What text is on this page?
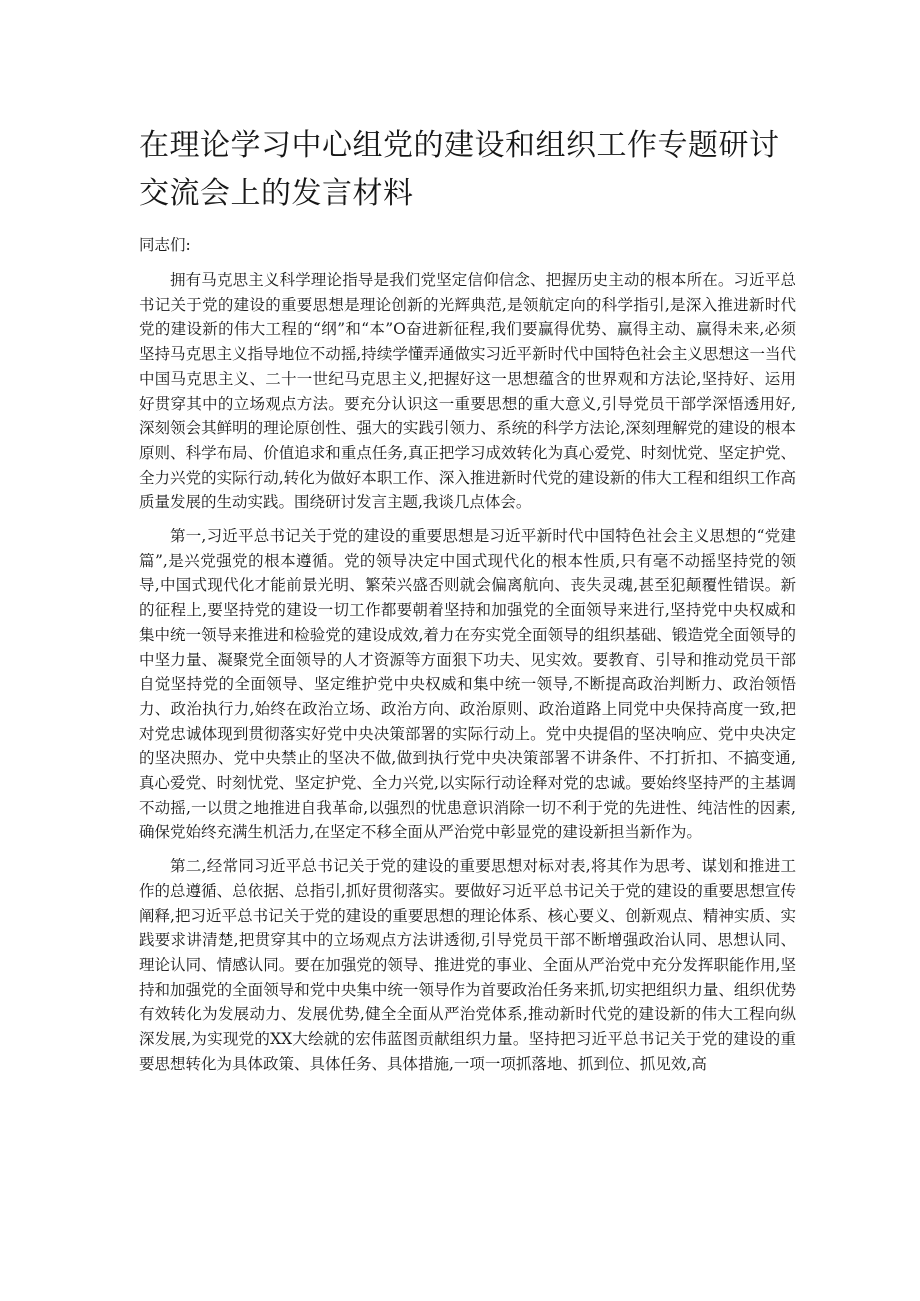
在理论学习中心组党的建设和组织工作专题研讨交流会上的发言材料

同志们:

拥有马克思主义科学理论指导是我们党坚定信仰信念、把握历史主动的根本所在。习近平总书记关于党的建设的重要思想是理论创新的光辉典范,是领航定向的科学指引,是深入推进新时代党的建设新的伟大工程的“纲”和“本”O奋进新征程,我们要赢得优势、赢得主动、赢得未来,必须坚持马克思主义指导地位不动摇,持续学懂弄通做实习近平新时代中国特色社会主义思想这一当代中国马克思主义、二十一世纪马克思主义,把握好这一思想蕴含的世界观和方法论,坚持好、运用好贯穿其中的立场观点方法。要充分认识这一重要思想的重大意义,引导党员干部学深悟透用好,深刻领会其鲜明的理论原创性、强大的实践引领力、系统的科学方法论,深刻理解党的建设的根本原则、科学布局、价值追求和重点任务,真正把学习成效转化为真心爱党、时刻忧党、坚定护党、全力兴党的实际行动,转化为做好本职工作、深入推进新时代党的建设新的伟大工程和组织工作高质量发展的生动实践。围绕研讨发言主题,我谈几点体会。

第一,习近平总书记关于党的建设的重要思想是习近平新时代中国特色社会主义思想的“党建篇”,是兴党强党的根本遵循。党的领导决定中国式现代化的根本性质,只有毫不动摇坚持党的领导,中国式现代化才能前景光明、繁荣兴盛否则就会偏离航向、丧失灵魂,甚至犯颠覆性错误。新的征程上,要坚持党的建设一切工作都要朝着坚持和加强党的全面领导来进行,坚持党中央权威和集中统一领导来推进和检验党的建设成效,着力在夯实党全面领导的组织基础、锻造党全面领导的中坚力量、凝聚党全面领导的人才资源等方面狠下功夫、见实效。要教育、引导和推动党员干部自觉坚持党的全面领导、坚定维护党中央权威和集中统一领导,不断提高政治判断力、政治领悟力、政治执行力,始终在政治立场、政治方向、政治原则、政治道路上同党中央保持高度一致,把对党忠诚体现到贯彻落实好党中央决策部署的实际行动上。党中央提倡的坚决响应、党中央决定的坚决照办、党中央禁止的坚决不做,做到执行党中央决策部署不讲条件、不打折扣、不搞变通,真心爱党、时刻忧党、坚定护党、全力兴党,以实际行动诠释对党的忠诚。要始终坚持严的主基调不动摇,一以贯之地推进自我革命,以强烈的忧患意识消除一切不利于党的先进性、纯洁性的因素,确保党始终充满生机活力,在坚定不移全面从严治党中彰显党的建设新担当新作为。

第二,经常同习近平总书记关于党的建设的重要思想对标对表,将其作为思考、谋划和推进工作的总遵循、总依据、总指引,抓好贯彻落实。要做好习近平总书记关于党的建设的重要思想宣传阐释,把习近平总书记关于党的建设的重要思想的理论体系、核心要义、创新观点、精神实质、实践要求讲清楚,把贯穿其中的立场观点方法讲透彻,引导党员干部不断增强政治认同、思想认同、理论认同、情感认同。要在加强党的领导、推进党的事业、全面从严治党中充分发挥职能作用,坚持和加强党的全面领导和党中央集中统一领导作为首要政治任务来抓,切实把组织力量、组织优势有效转化为发展动力、发展优势,健全全面从严治党体系,推动新时代党的建设新的伟大工程向纵深发展,为实现党的XX大绘就的宏伟蓝图贡献组织力量。坚持把习近平总书记关于党的建设的重要思想转化为具体政策、具体任务、具体措施,一项一项抓落地、抓到位、抓见效,高
